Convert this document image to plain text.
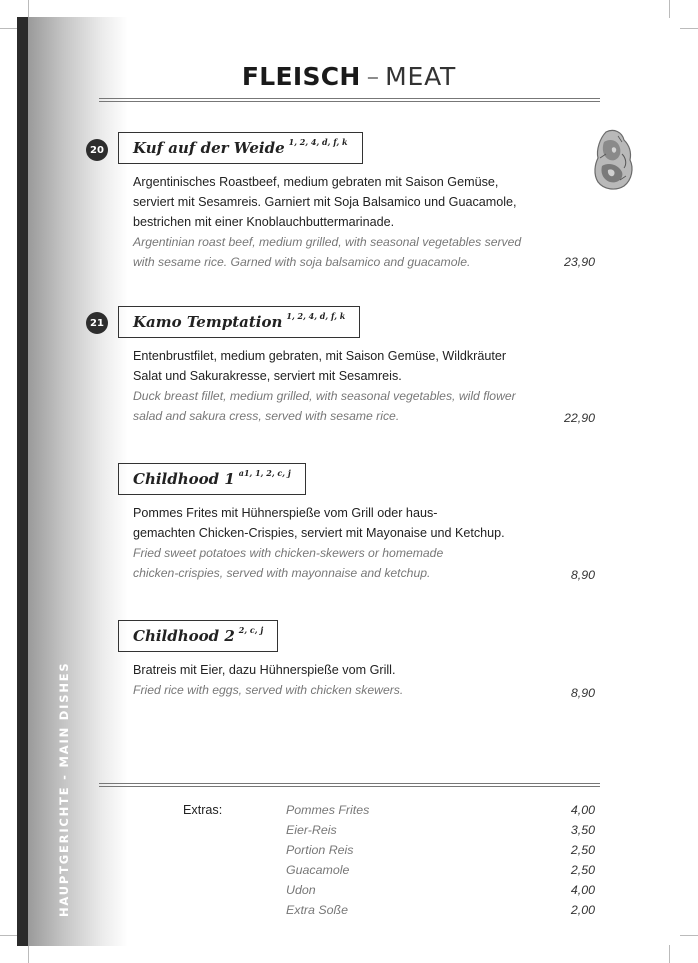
HAUPTGERICHTE - MAIN DISHES
FLEISCH – MEAT
20 Kuf auf der Weide 1, 2, 4, d, f, k
Argentinisches Roastbeef, medium gebraten mit Saison Gemüse,
serviert mit Sesamreis. Garniert mit Soja Balsamico und Guacamole,
bestrichen mit einer Knoblauchbuttermarinade.
Argentinian roast beef, medium grilled, with seasonal vegetables served
with sesame rice. Garned with soja balsamico and guacamole.	23,90
21 Kamo Temptation 1, 2, 4, d, f, k
Entenbrustfilet, medium gebraten, mit Saison Gemüse, Wildkräuter
Salat und Sakurakresse, serviert mit Sesamreis.
Duck breast fillet, medium grilled, with seasonal vegetables, wild flower
salad and sakura cress, served with sesame rice.	22,90
Childhood 1 a1, 1, 2, c, j
Pommes Frites mit Hühnerspieße vom Grill oder haus-
gemachten Chicken-Crispies, serviert mit Mayonaise und Ketchup.
Fried sweet potatoes with chicken-skewers or homemade
chicken-crispies, served with mayonnaise and ketchup.	8,90
Childhood 2 2, c, j
Bratreis mit Eier, dazu Hühnerspieße vom Grill.
Fried rice with eggs, served with chicken skewers.	8,90
Extras:	Pommes Frites	4,00
Eier-Reis	3,50
Portion Reis	2,50
Guacamole	2,50
Udon	4,00
Extra Soße	2,00
